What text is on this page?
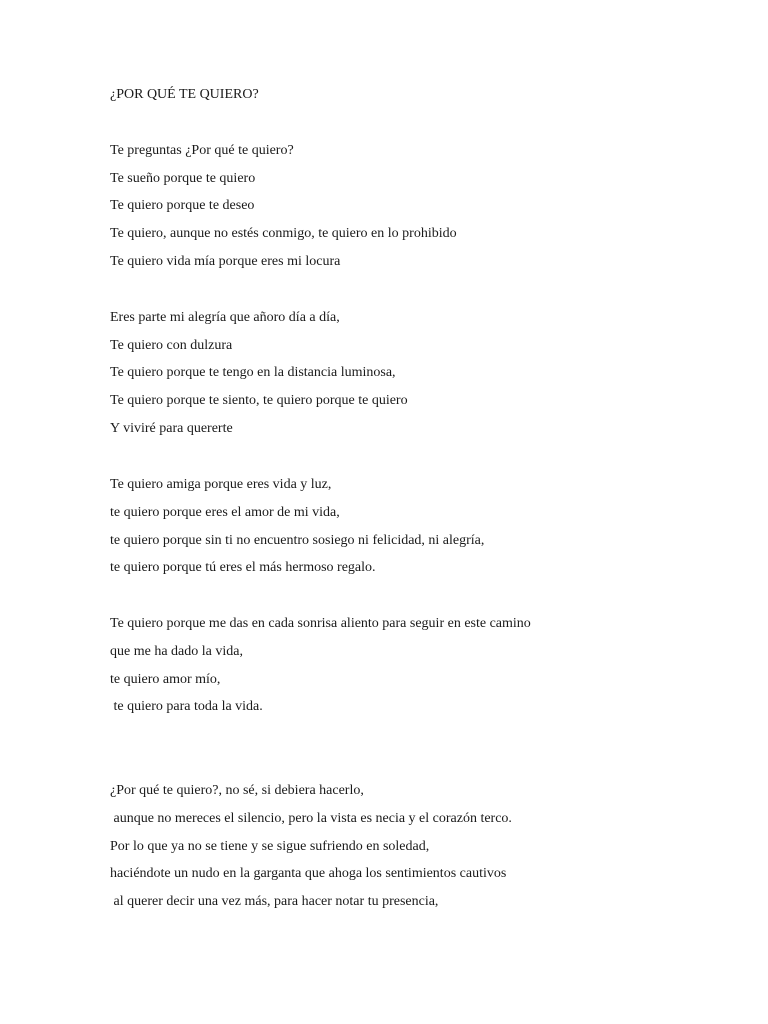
¿POR QUÉ TE QUIERO?
Te preguntas ¿Por qué te quiero?
Te sueño porque te quiero
Te quiero porque te deseo
Te quiero, aunque no estés conmigo, te quiero en lo prohibido
Te quiero vida mía porque eres mi locura
Eres parte mi alegría que añoro día a día,
Te quiero con dulzura
Te quiero porque te tengo en la distancia luminosa,
Te quiero porque te siento, te quiero porque te quiero
Y viviré para quererte
Te quiero amiga porque eres vida y luz,
te quiero porque eres el amor de mi vida,
te quiero porque sin ti no encuentro sosiego ni felicidad, ni alegría,
te quiero porque tú eres el más hermoso regalo.
Te quiero porque me das en cada sonrisa aliento para seguir en este camino
que me ha dado la vida,
te quiero amor mío,
te quiero para toda la vida.
¿Por qué te quiero?, no sé, si debiera hacerlo,
aunque no mereces el silencio, pero la vista es necia y el corazón terco.
Por lo que ya no se tiene y se sigue sufriendo en soledad,
haciéndote un nudo en la garganta que ahoga los sentimientos cautivos
al querer decir una vez más, para hacer notar tu presencia,
